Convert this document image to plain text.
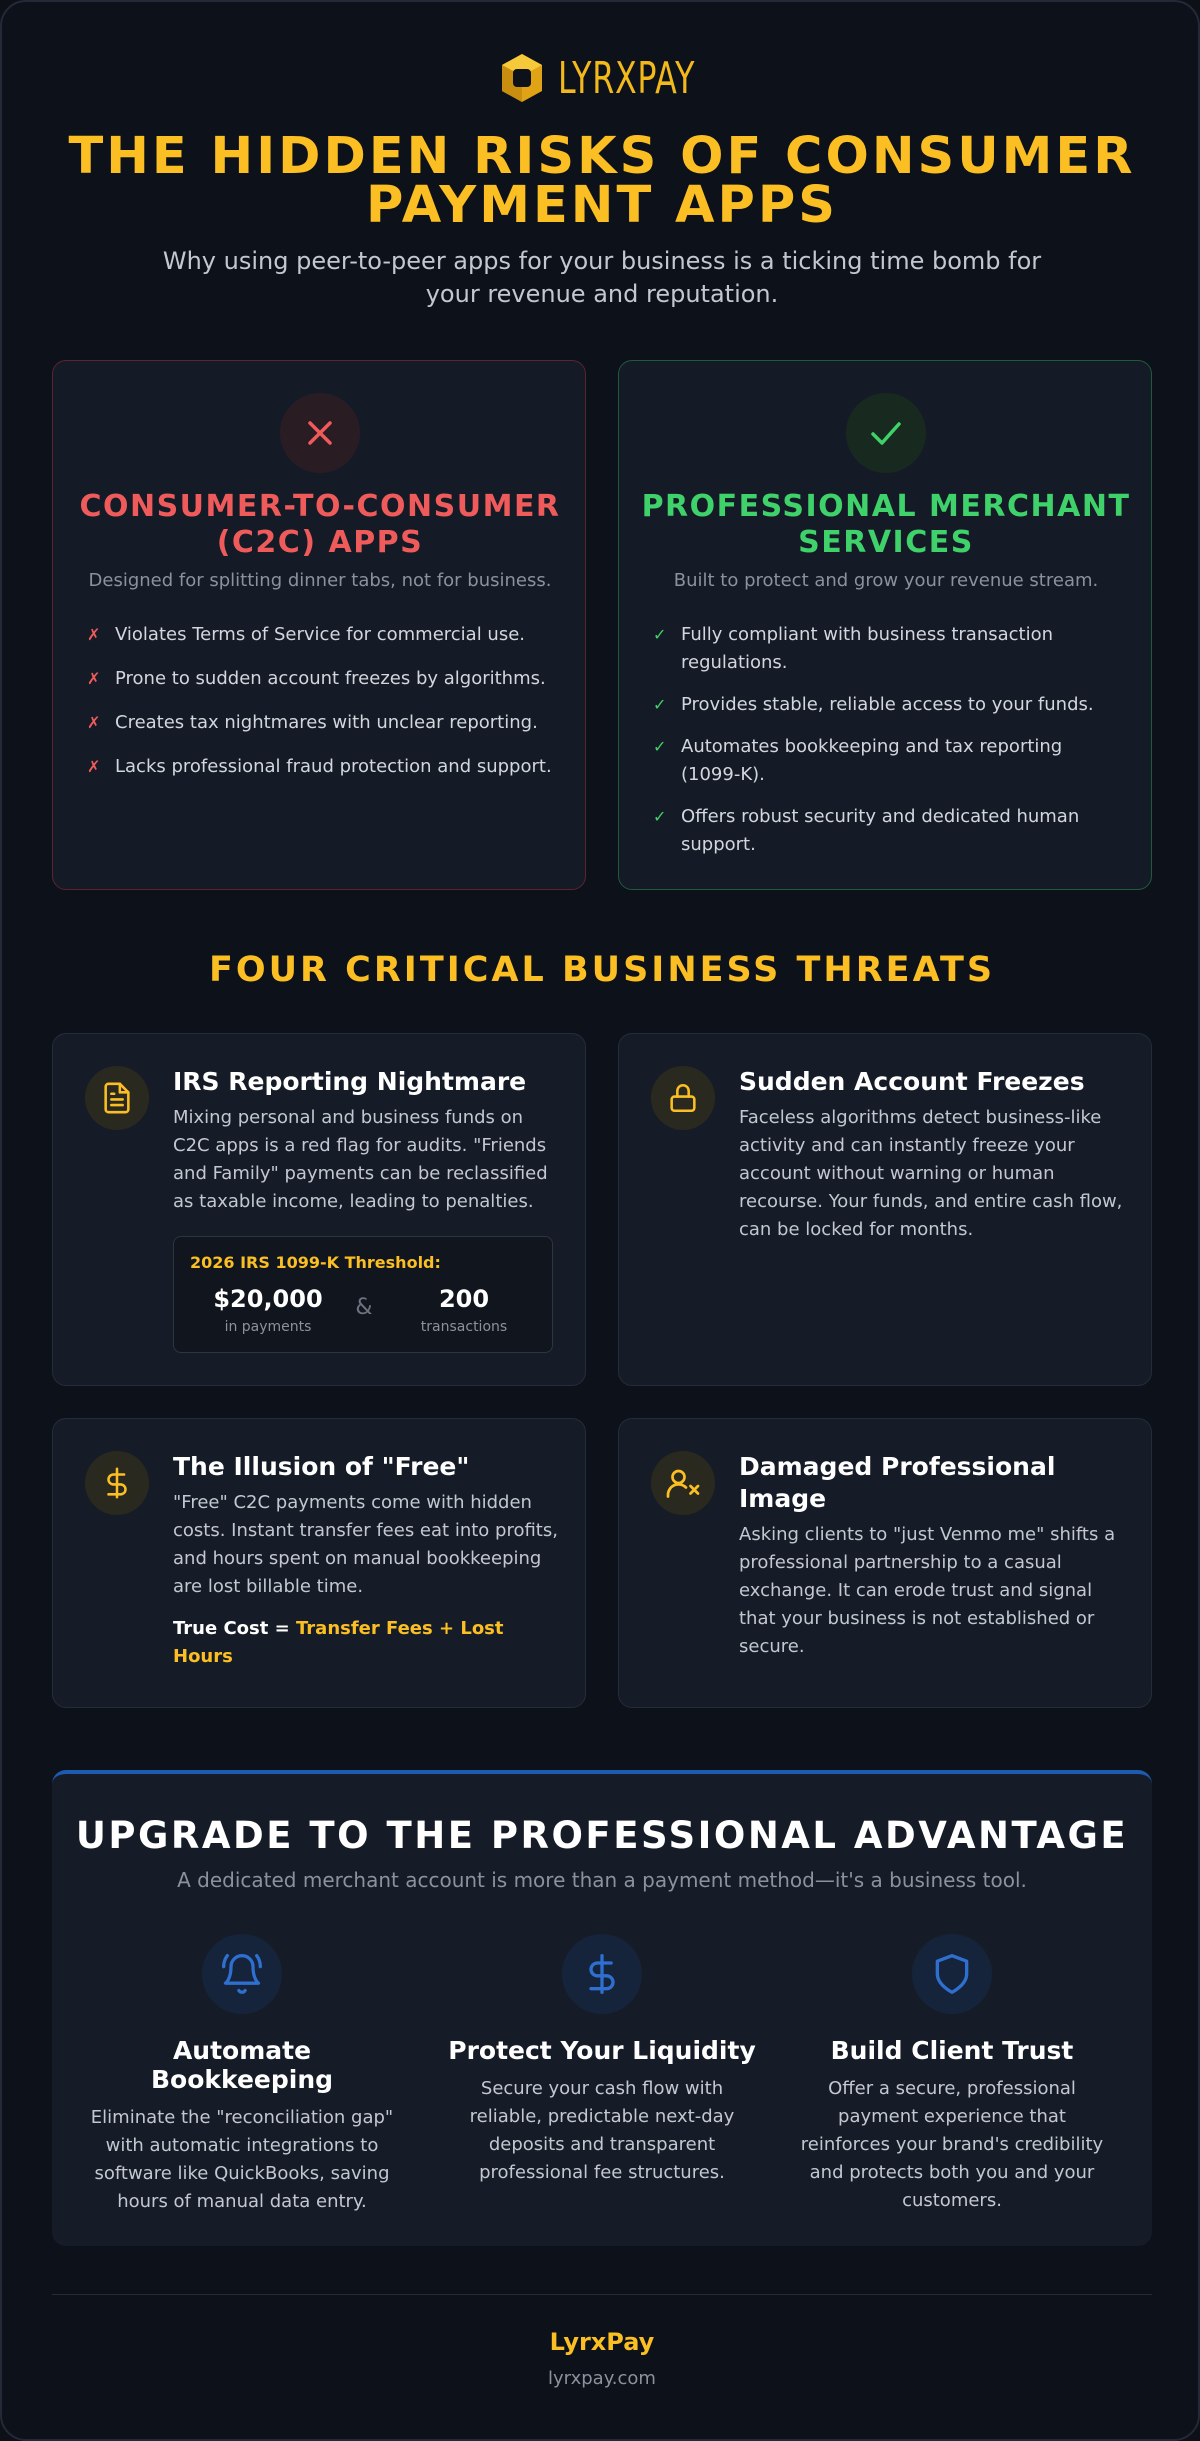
LYRXPAY
THE HIDDEN RISKS OF CONSUMER PAYMENT APPS

Why using peer-to-peer apps for your business is a ticking time bomb for your revenue and reputation.

CONSUMER-TO-CONSUMER (C2C) APPS
Designed for splitting dinner tabs, not for business.
✗ Violates Terms of Service for commercial use.
✗ Prone to sudden account freezes by algorithms.
✗ Creates tax nightmares with unclear reporting.
✗ Lacks professional fraud protection and support.
PROFESSIONAL MERCHANT SERVICES
Built to protect and grow your revenue stream.
✓ Fully compliant with business transaction regulations.
✓ Provides stable, reliable access to your funds.
✓ Automates bookkeeping and tax reporting (1099-K).
✓ Offers robust security and dedicated human support.
FOUR CRITICAL BUSINESS THREATS
IRS Reporting Nightmare
Mixing personal and business funds on C2C apps is a red flag for audits. "Friends and Family" payments can be reclassified as taxable income, leading to penalties.
2026 IRS 1099-K Threshold:
$20,000
in payments
&	200
transactions
Sudden Account Freezes
Faceless algorithms detect business-like activity and can instantly freeze your account without warning or human recourse. Your funds, and entire cash flow, can be locked for months.
The Illusion of "Free"
"Free" C2C payments come with hidden costs. Instant transfer fees eat into profits, and hours spent on manual bookkeeping are lost billable time.
True Cost = Transfer Fees + Lost Hours
Damaged Professional Image
Asking clients to "just Venmo me" shifts a professional partnership to a casual exchange. It can erode trust and signal that your business is not established or secure.
UPGRADE TO THE PROFESSIONAL ADVANTAGE
A dedicated merchant account is more than a payment method—it's a business tool.
Automate Bookkeeping
Eliminate the "reconciliation gap" with automatic integrations to software like QuickBooks, saving hours of manual data entry.
Protect Your Liquidity
Secure your cash flow with reliable, predictable next-day deposits and transparent professional fee structures.
Build Client Trust
Offer a secure, professional payment experience that reinforces your brand's credibility and protects both you and your customers.
LyrxPay
lyrxpay.com
